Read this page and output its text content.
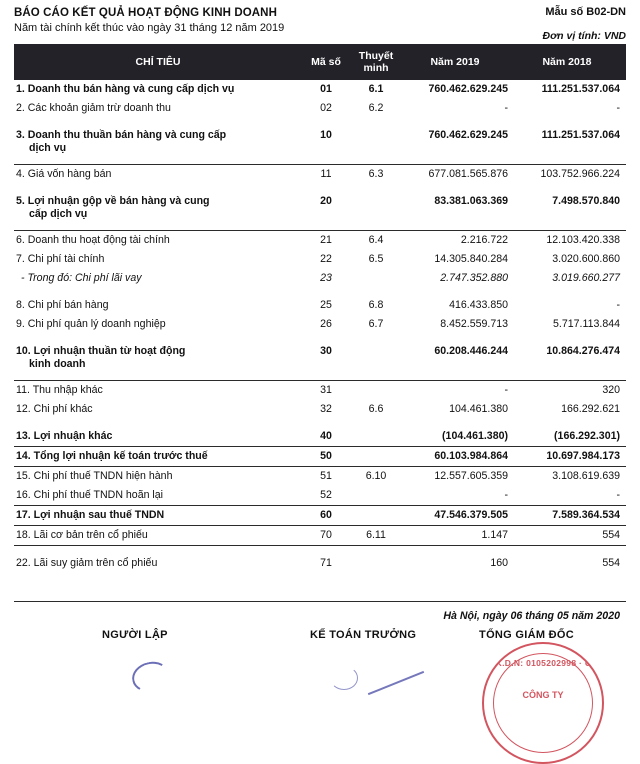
BÁO CÁO KẾT QUẢ HOẠT ĐỘNG KINH DOANH
Năm tài chính kết thúc vào ngày 31 tháng 12 năm 2019
Mẫu số B02-DN
Đơn vị tính: VND
CHỈ TIÊU	Mã số	Thuyết minh	Năm 2019	Năm 2018

1. Doanh thu bán hàng và cung cấp dịch vụ	01	6.1	760.462.629.245	111.251.537.064

2. Các khoản giảm trừ doanh thu	02	6.2	-	-

3. Doanh thu thuần bán hàng và cung cấp
dịch vụ	10		760.462.629.245	111.251.537.064

4. Giá vốn hàng bán	11	6.3	677.081.565.876	103.752.966.224

5. Lợi nhuận gộp về bán hàng và cung
cấp dịch vụ	20		83.381.063.369	7.498.570.840

6. Doanh thu hoạt động tài chính	21	6.4	2.216.722	12.103.420.338

7. Chi phí tài chính	22	6.5	14.305.840.284	3.020.600.860

- Trong đó: Chi phí lãi vay	23		2.747.352.880	3.019.660.277

8. Chi phí bán hàng	25	6.8	416.433.850	-

9. Chi phí quản lý doanh nghiệp	26	6.7	8.452.559.713	5.717.113.844

10. Lợi nhuận thuần từ hoạt động
kinh doanh	30		60.208.446.244	10.864.276.474

11. Thu nhập khác	31		-	320

12. Chi phí khác	32	6.6	104.461.380	166.292.621

13. Lợi nhuận khác	40		(104.461.380)	(166.292.301)

14. Tổng lợi nhuận kế toán trước thuế	50		60.103.984.864	10.697.984.173

15. Chi phí thuế TNDN hiện hành	51	6.10	12.557.605.359	3.108.619.639

16. Chi phí thuế TNDN hoãn lại	52		-	-

17. Lợi nhuận sau thuế TNDN	60		47.546.379.505	7.589.364.534

18. Lãi cơ bản trên cổ phiếu	70	6.11	1.147	554

22. Lãi suy giảm trên cổ phiếu	71		160	554
Hà Nội, ngày 06 tháng 05 năm 2020
NGƯỜI LẬP	KẾ TOÁN TRƯỞNG	TỔNG GIÁM ĐỐC
Đ.K.D.N: 0105202998 · C.T
CÔNG TY
